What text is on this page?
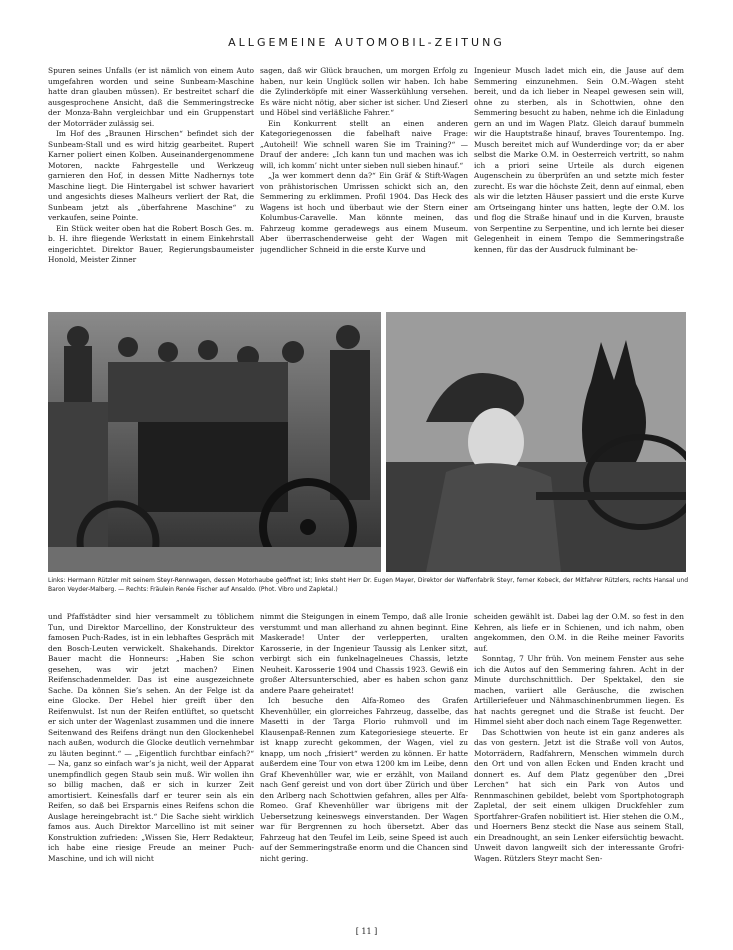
ALLGEMEINE AUTOMOBIL-ZEITUNG

Spuren seines Unfalls (er ist nämlich von einem Auto umgefahren worden und seine Sunbeam-Maschine hatte dran glauben müssen). Er bestreitet scharf die ausgesprochene Ansicht, daß die Semmeringstrecke der Monza-Bahn vergleichbar und ein Gruppenstart der Motorräder zulässig sei.

Im Hof des „Braunen Hirschen“ befindet sich der Sunbeam-Stall und es wird hitzig gearbeitet. Rupert Karner poliert einen Kolben. Auseinandergenommene Motoren, nackte Fahrgestelle und Werkzeug garnieren den Hof, in dessen Mitte Nadhernys tote Maschine liegt. Die Hintergabel ist schwer havariert und angesichts dieses Malheurs verliert der Rat, die Sunbeam jetzt als „überfahrene Maschine“ zu verkaufen, seine Pointe.

Ein Stück weiter oben hat die Robert Bosch Ges. m. b. H. ihre fliegende Werkstatt in einem Einkehrstall eingerichtet. Direktor Bauer, Regierungsbaumeister Honold, Meister Zinner

sagen, daß wir Glück brauchen, um morgen Erfolg zu haben, nur kein Unglück sollen wir haben. Ich habe die Zylinderköpfe mit einer Wasserkühlung versehen. Es wäre nicht nötig, aber sicher ist sicher. Und Zieserl und Höbel sind verläßliche Fahrer.“

Ein Konkurrent stellt an einen anderen Kategoriegenossen die fabelhaft naive Frage: „Autoheil! Wie schnell waren Sie im Training?“ — Drauf der andere: „Ich kann tun und machen was ich will, ich komm’ nicht unter sieben null sieben hinauf.“

„Ja wer kommert denn da?“ Ein Gräf & Stift-Wagen von prähistorischen Umrissen schickt sich an, den Semmering zu erklimmen. Profil 1904. Das Heck des Wagens ist hoch und überbaut wie der Stern einer Kolumbus-Caravelle. Man könnte meinen, das Fahrzeug komme geradewegs aus einem Museum. Aber überraschenderweise geht der Wagen mit jugendlicher Schneid in die erste Kurve und

Ingenieur Musch ladet mich ein, die Jause auf dem Semmering einzunehmen. Sein O.M.-Wagen steht bereit, und da ich lieber in Neapel gewesen sein will, ohne zu sterben, als in Schottwien, ohne den Semmering besucht zu haben, nehme ich die Einladung gern an und im Wagen Platz. Gleich darauf bummeln wir die Hauptstraße hinauf, braves Tourentempo. Ing. Musch bereitet mich auf Wunderdinge vor; da er aber selbst die Marke O.M. in Oesterreich vertritt, so nahm ich a priori seine Urteile als durch eigenen Augenschein zu überprüfen an und setzte mich fester zurecht. Es war die höchste Zeit, denn auf einmal, eben als wir die letzten Häuser passiert und die erste Kurve am Ortseingang hinter uns hatten, legte der O.M. los und flog die Straße hinauf und in die Kurven, brauste von Serpentine zu Serpentine, und ich lernte bei dieser Gelegenheit in einem Tempo die Semmeringstraße kennen, für das der Ausdruck fulminant be-

Links: Hermann Rützler mit seinem Steyr-Rennwagen, dessen Motorhaube geöffnet ist; links steht Herr Dr. Eugen Mayer, Direktor der Waffenfabrik Steyr, ferner Kobeck, der Mitfahrer Rützlers, rechts Hansal und Baron Veyder-Malberg. — Rechts: Fräulein Renée Fischer auf Ansaldo. (Phot. Vibro und Zapletal.)

und Pfaffstädter sind hier versammelt zu töblichem Tun, und Direktor Marcellino, der Konstrukteur des famosen Puch-Rades, ist in ein lebhaftes Gespräch mit den Bosch-Leuten verwickelt. Shakehands. Direktor Bauer macht die Honneurs: „Haben Sie schon gesehen, was wir jetzt machen? Einen Reifenschadenmelder. Das ist eine ausgezeichnete Sache. Da können Sie’s sehen. An der Felge ist da eine Glocke. Der Hebel hier greift über den Reifenwulst. Ist nun der Reifen entlüftet, so quetscht er sich unter der Wagenlast zusammen und die innere Seitenwand des Reifens drängt nun den Glockenhebel nach außen, wodurch die Glocke deutlich vernehmbar zu läuten beginnt.“ — „Eigentlich furchtbar einfach?“ — Na, ganz so einfach war’s ja nicht, weil der Apparat unempfindlich gegen Staub sein muß. Wir wollen ihn so billig machen, daß er sich in kurzer Zeit amortisiert. Keinesfalls darf er teurer sein als ein Reifen, so daß bei Ersparnis eines Reifens schon die Auslage hereingebracht ist.“ Die Sache sieht wirklich famos aus. Auch Direktor Marcellino ist mit seiner Konstruktion zufrieden: „Wissen Sie, Herr Redakteur, ich habe eine riesige Freude an meiner Puch-Maschine, und ich will nicht

nimmt die Steigungen in einem Tempo, daß alle Ironie verstummt und man allerhand zu ahnen beginnt. Eine Maskerade! Unter der verlepperten, uralten Karosserie, in der Ingenieur Taussig als Lenker sitzt, verbirgt sich ein funkelnagelneues Chassis, letzte Neuheit. Karosserie 1904 und Chassis 1923. Gewiß ein großer Altersunterschied, aber es haben schon ganz andere Paare geheiratet!

Ich besuche den Alfa-Romeo des Grafen Khevenhüller, ein glorreiches Fahrzeug, dasselbe, das Masetti in der Targa Florio ruhmvoll und im Klausenpaß-Rennen zum Kategoriesiege steuerte. Er ist knapp zurecht gekommen, der Wagen, viel zu knapp, um noch „frisiert“ werden zu können. Er hatte außerdem eine Tour von etwa 1200 km im Leibe, denn Graf Khevenhüller war, wie er erzählt, von Mailand nach Genf gereist und von dort über Zürich und über den Arlberg nach Schottwien gefahren, alles per Alfa-Romeo. Graf Khevenhüller war übrigens mit der Uebersetzung keineswegs einverstanden. Der Wagen war für Bergrennen zu hoch übersetzt. Aber das Fahrzeug hat den Teufel im Leib, seine Speed ist auch auf der Semmeringstraße enorm und die Chancen sind nicht gering.

scheiden gewählt ist. Dabei lag der O.M. so fest in den Kehren, als liefe er in Schienen, und ich nahm, oben angekommen, den O.M. in die Reihe meiner Favorits auf.

Sonntag, 7 Uhr früh. Von meinem Fenster aus sehe ich die Autos auf den Semmering fahren. Acht in der Minute durchschnittlich. Der Spektakel, den sie machen, variiert alle Geräusche, die zwischen Artilleriefeuer und Nähmaschinenbrummen liegen. Es hat nachts geregnet und die Straße ist feucht. Der Himmel sieht aber doch nach einem Tage Regenwetter.

Das Schottwien von heute ist ein ganz anderes als das von gestern. Jetzt ist die Straße voll von Autos, Motorrädern, Radfahrern, Menschen wimmeln durch den Ort und von allen Ecken und Enden kracht und donnert es. Auf dem Platz gegenüber den „Drei Lerchen“ hat sich ein Park von Autos und Rennmaschinen gebildet, belebt vom Sportphotograph Zapletal, der seit einem ulkigen Druckfehler zum Sportfahrer-Grafen nobilitiert ist. Hier stehen die O.M., und Hoerners Benz steckt die Nase aus seinem Stall, ein Dreadnought, an sein Lenker eifersüchtig bewacht. Unweit davon langweilt sich der interessante Grofri-Wagen. Rützlers Steyr macht Sen-

[ 11 ]
